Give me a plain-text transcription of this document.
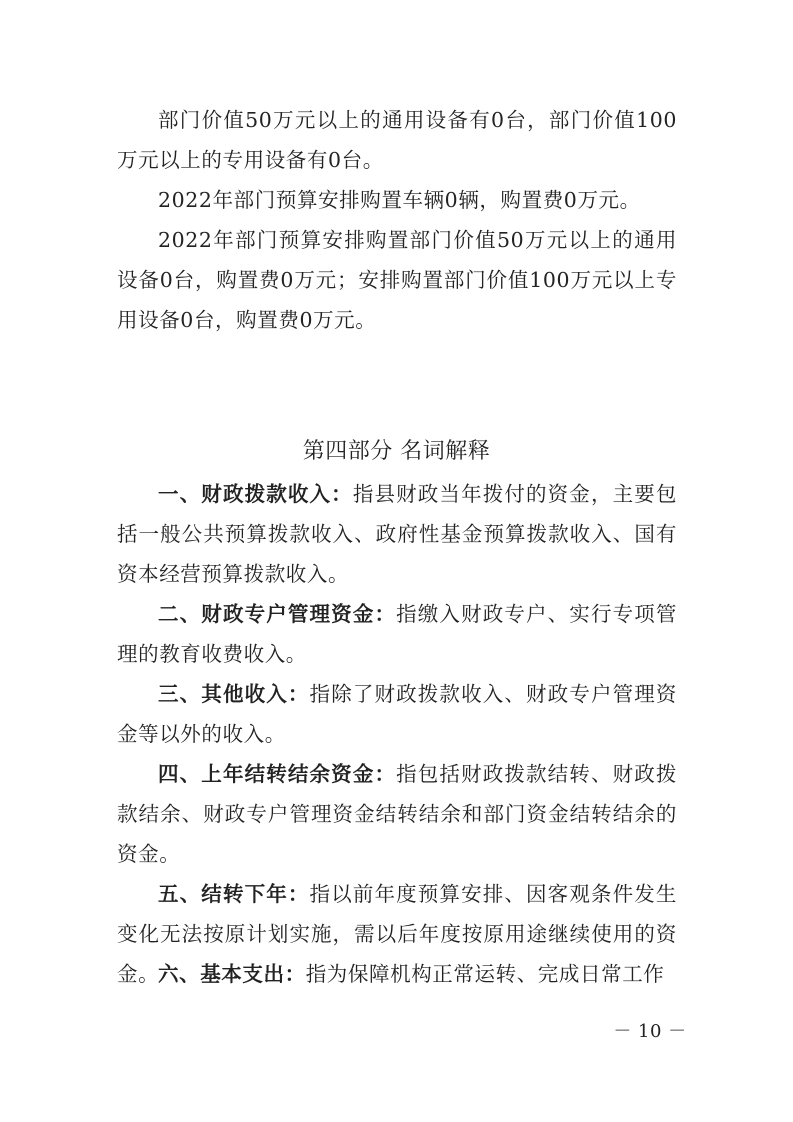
部门价值50万元以上的通用设备有0台，部门价值100万元以上的专用设备有0台。

2022年部门预算安排购置车辆0辆，购置费0万元。

2022年部门预算安排购置部门价值50万元以上的通用设备0台，购置费0万元；安排购置部门价值100万元以上专用设备0台，购置费0万元。

第四部分 名词解释

一、财政拨款收入：指县财政当年拨付的资金，主要包括一般公共预算拨款收入、政府性基金预算拨款收入、国有资本经营预算拨款收入。

二、财政专户管理资金：指缴入财政专户、实行专项管理的教育收费收入。

三、其他收入：指除了财政拨款收入、财政专户管理资金等以外的收入。

四、上年结转结余资金：指包括财政拨款结转、财政拨款结余、财政专户管理资金结转结余和部门资金结转结余的资金。

五、结转下年：指以前年度预算安排、因客观条件发生变化无法按原计划实施，需以后年度按原用途继续使用的资金。

六、基本支出：指为保障机构正常运转、完成日常工作

－ 10 －
